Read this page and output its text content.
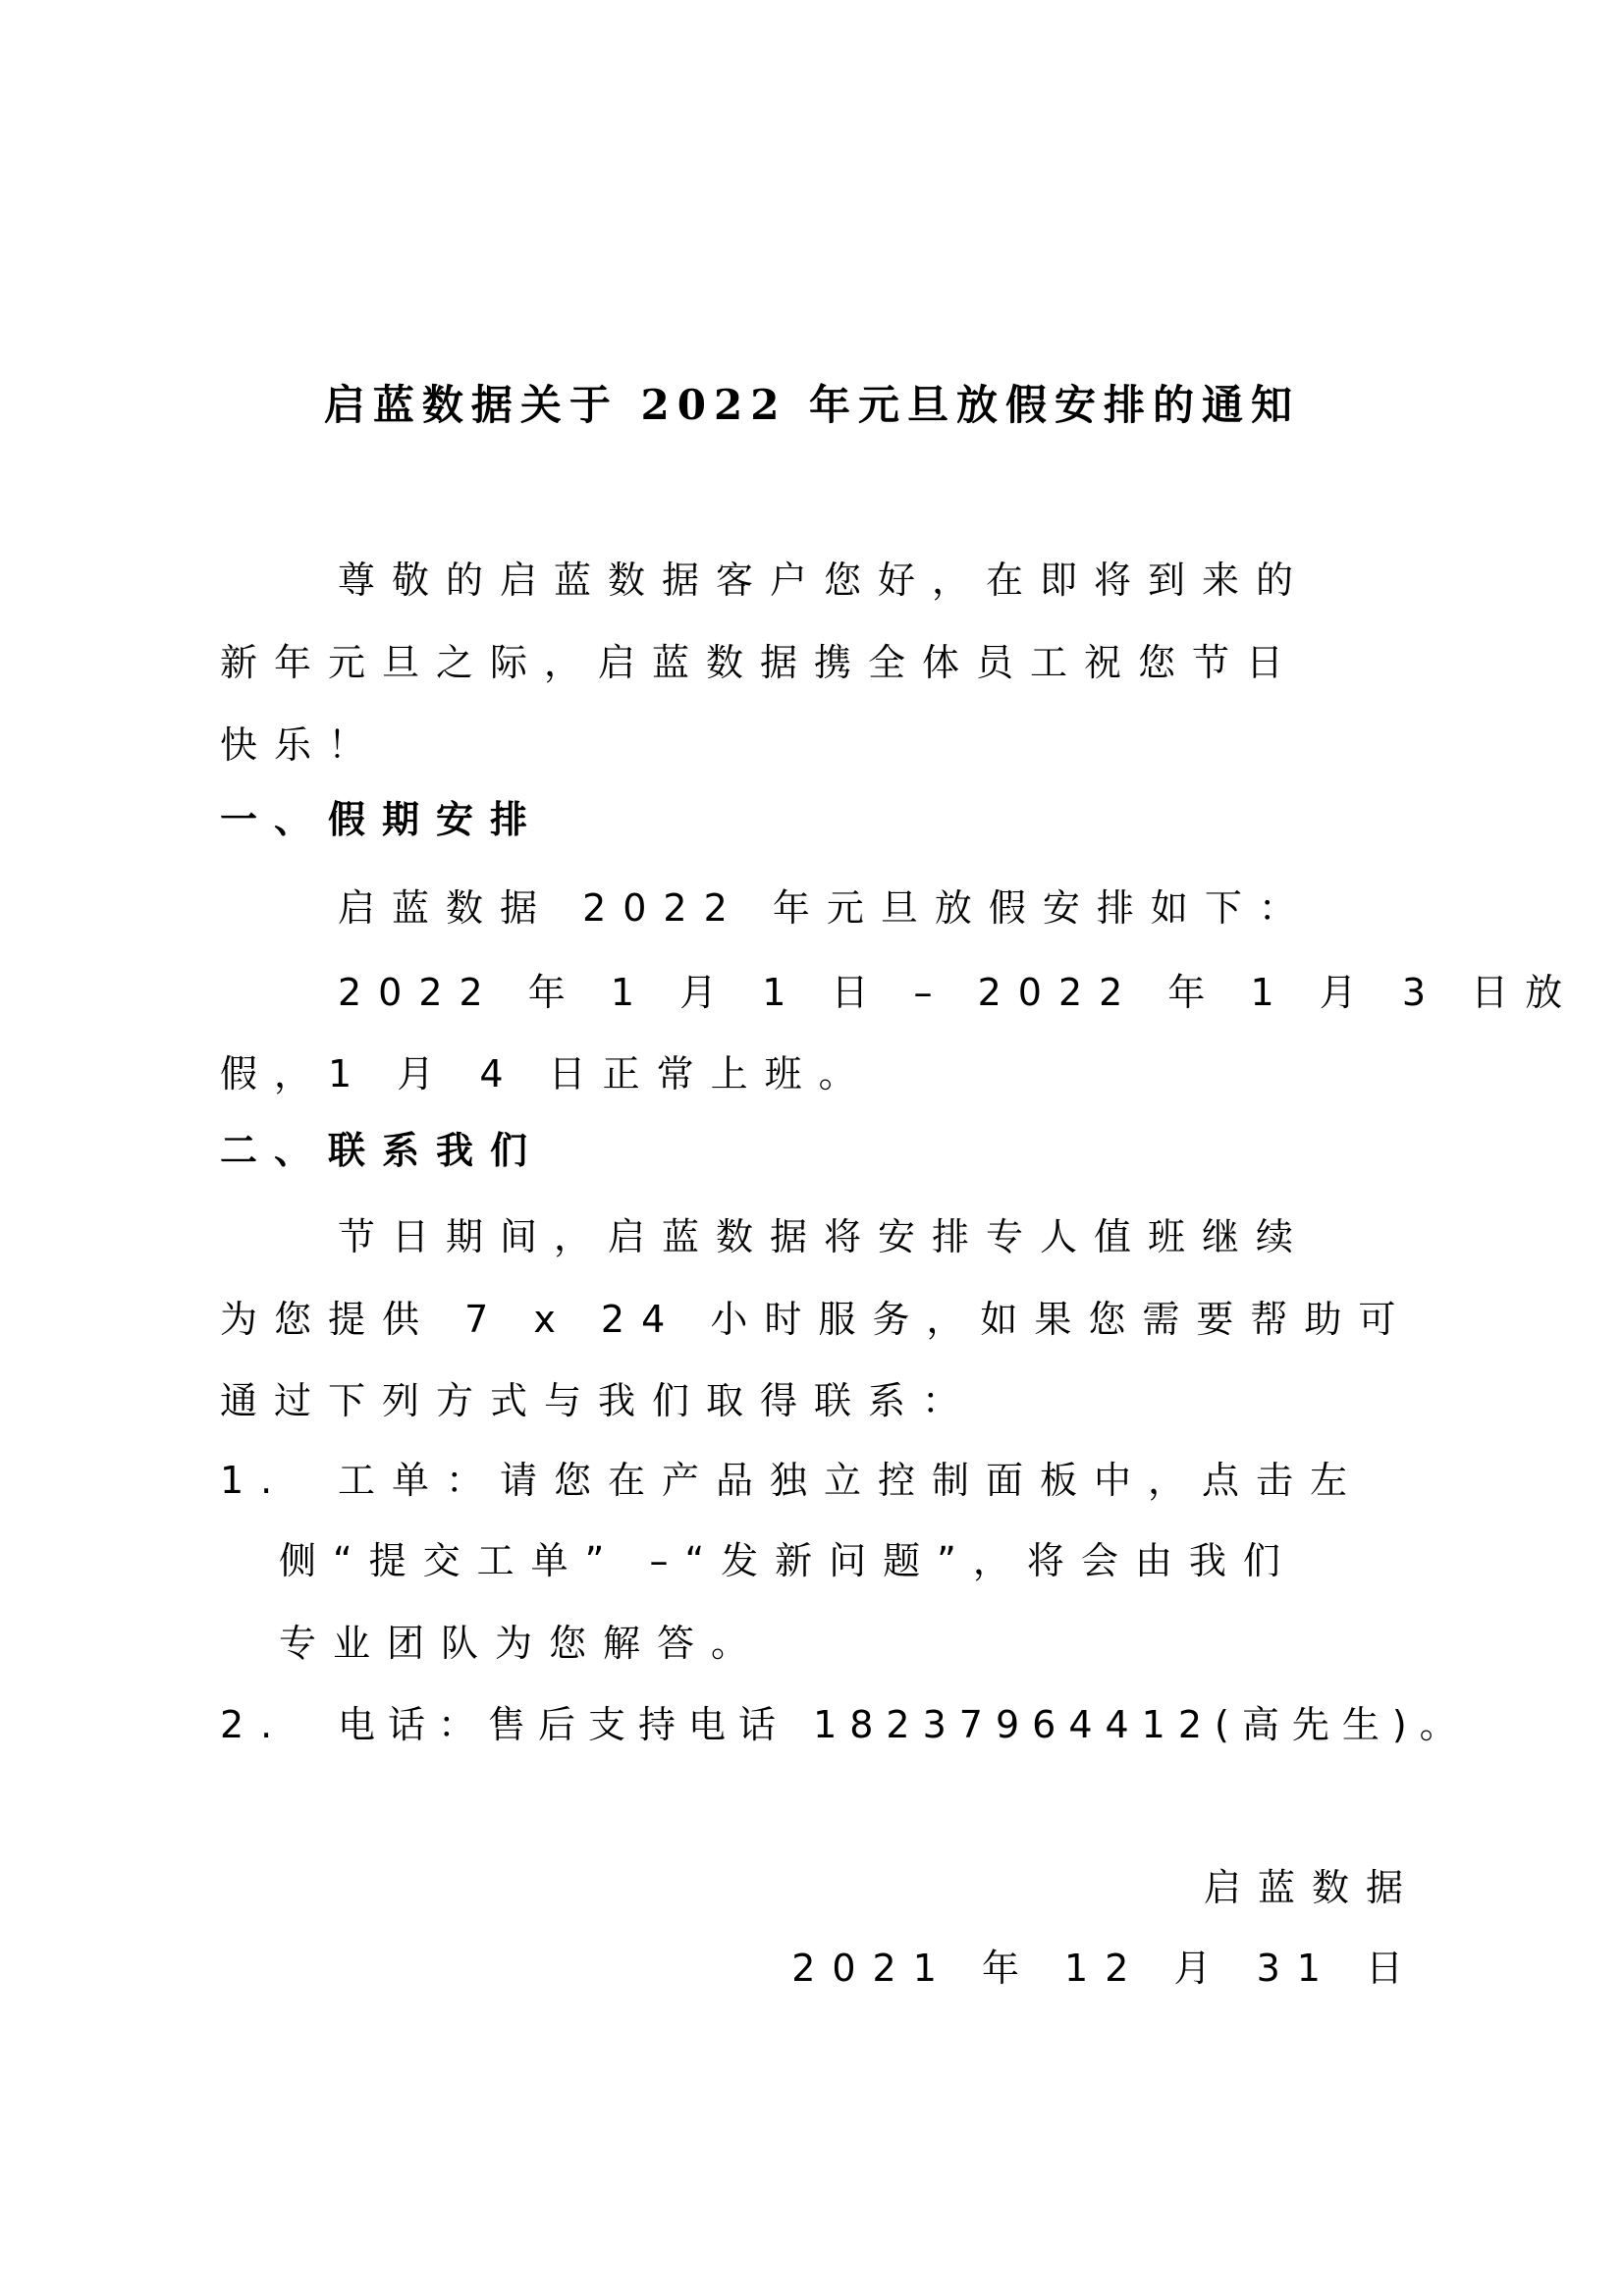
启蓝数据关于 2022 年元旦放假安排的通知
尊敬的启蓝数据客户您好，在即将到来的
新年元旦之际，启蓝数据携全体员工祝您节日
快乐！
一、假期安排
启蓝数据 2022 年元旦放假安排如下：
2022 年 1 月 1 日 – 2022 年 1 月 3 日放
假，1 月 4 日正常上班。
二、联系我们
节日期间，启蓝数据将安排专人值班继续
为您提供 7 x 24 小时服务，如果您需要帮助可
通过下列方式与我们取得联系：
1. 工单：请您在产品独立控制面板中，点击左
侧“提交工单” –“发新问题”，将会由我们
专业团队为您解答。
2. 电话：售后支持电话 18237964412(高先生)。
启蓝数据
2021 年 12 月 31 日
